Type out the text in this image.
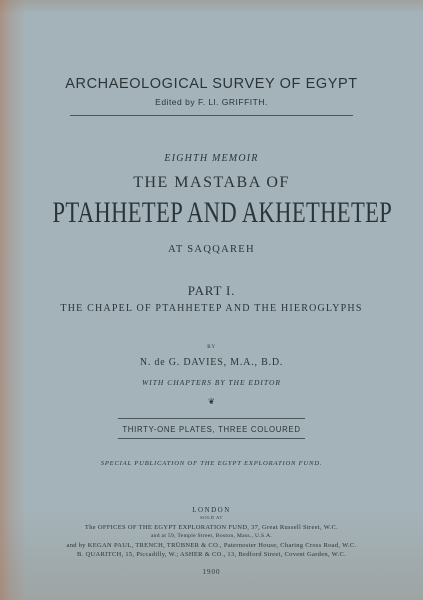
ARCHAEOLOGICAL SURVEY OF EGYPT
Edited by F. Ll. GRIFFITH.
EIGHTH MEMOIR
THE MASTABA OF
PTAHHETEP AND AKHETHETEP
AT SAQQAREH
PART I.
THE CHAPEL OF PTAHHETEP AND THE HIEROGLYPHS
BY
N. de G. DAVIES, M.A., B.D.
WITH CHAPTERS BY THE EDITOR
❦
THIRTY-ONE PLATES, THREE COLOURED
SPECIAL PUBLICATION OF THE EGYPT EXPLORATION FUND.
LONDON
SOLD AT
The OFFICES OF THE EGYPT EXPLORATION FUND, 37, Great Russell Street, W.C.
and at 59, Temple Street, Boston, Mass., U.S.A.
and by KEGAN PAUL, TRENCH, TRÜBNER & CO., Paternoster House, Charing Cross Road, W.C.
B. QUARITCH, 15, Piccadilly, W.; ASHER & CO., 13, Bedford Street, Covent Garden, W.C.
1900
